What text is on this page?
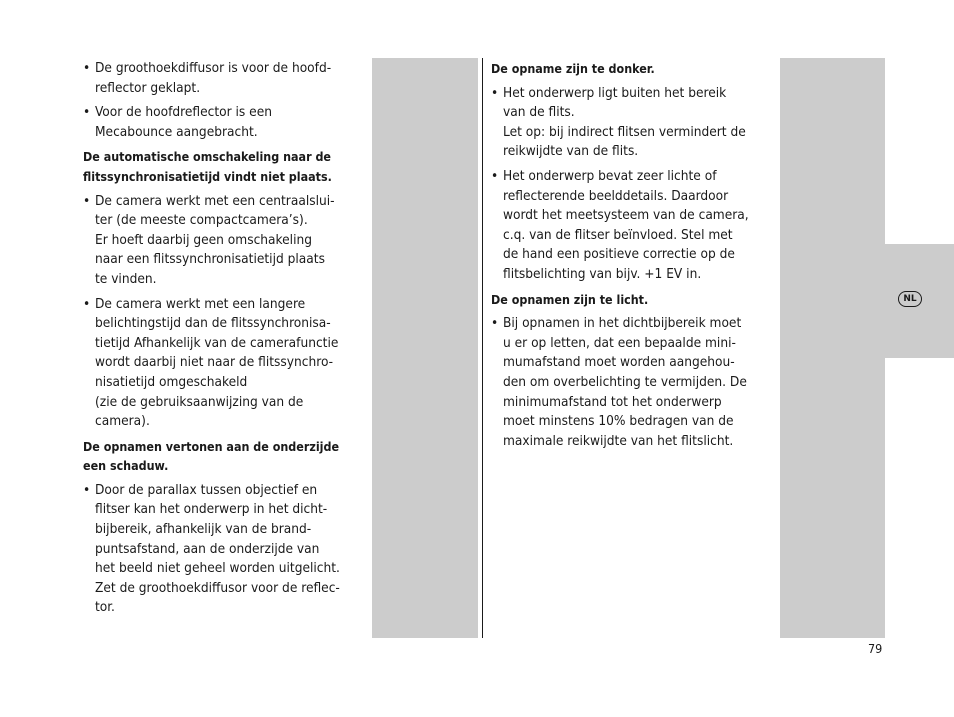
NL
• De groothoekdiffusor is voor de hoofd-
reflector geklapt.
• Voor de hoofdreflector is een
Mecabounce aangebracht.
De automatische omschakeling naar de
flitssynchronisatietijd vindt niet plaats.
• De camera werkt met een centraalslui-
ter (de meeste compactcamera’s).
Er hoeft daarbij geen omschakeling
naar een flitssynchronisatietijd plaats
te vinden.
• De camera werkt met een langere
belichtingstijd dan de flitssynchronisa-
tietijd Afhankelijk van de camerafunctie
wordt daarbij niet naar de flitssynchro-
nisatietijd omgeschakeld
(zie de gebruiksaanwijzing van de
camera).
De opnamen vertonen aan de onderzijde
een schaduw.
• Door de parallax tussen objectief en
flitser kan het onderwerp in het dicht-
bijbereik, afhankelijk van de brand-
puntsafstand, aan de onderzijde van
het beeld niet geheel worden uitgelicht.
Zet de groothoekdiffusor voor de reflec-
tor.
De opname zijn te donker.
• Het onderwerp ligt buiten het bereik
van de flits.
Let op: bij indirect flitsen vermindert de
reikwijdte van de flits.
• Het onderwerp bevat zeer lichte of
reflecterende beelddetails. Daardoor
wordt het meetsysteem van de camera,
c.q. van de flitser beïnvloed. Stel met
de hand een positieve correctie op de
flitsbelichting van bijv. +1 EV in.
De opnamen zijn te licht.
• Bij opnamen in het dichtbijbereik moet
u er op letten, dat een bepaalde mini-
mumafstand moet worden aangehou-
den om overbelichting te vermijden. De
minimumafstand tot het onderwerp
moet minstens 10% bedragen van de
maximale reikwijdte van het flitslicht.
79
